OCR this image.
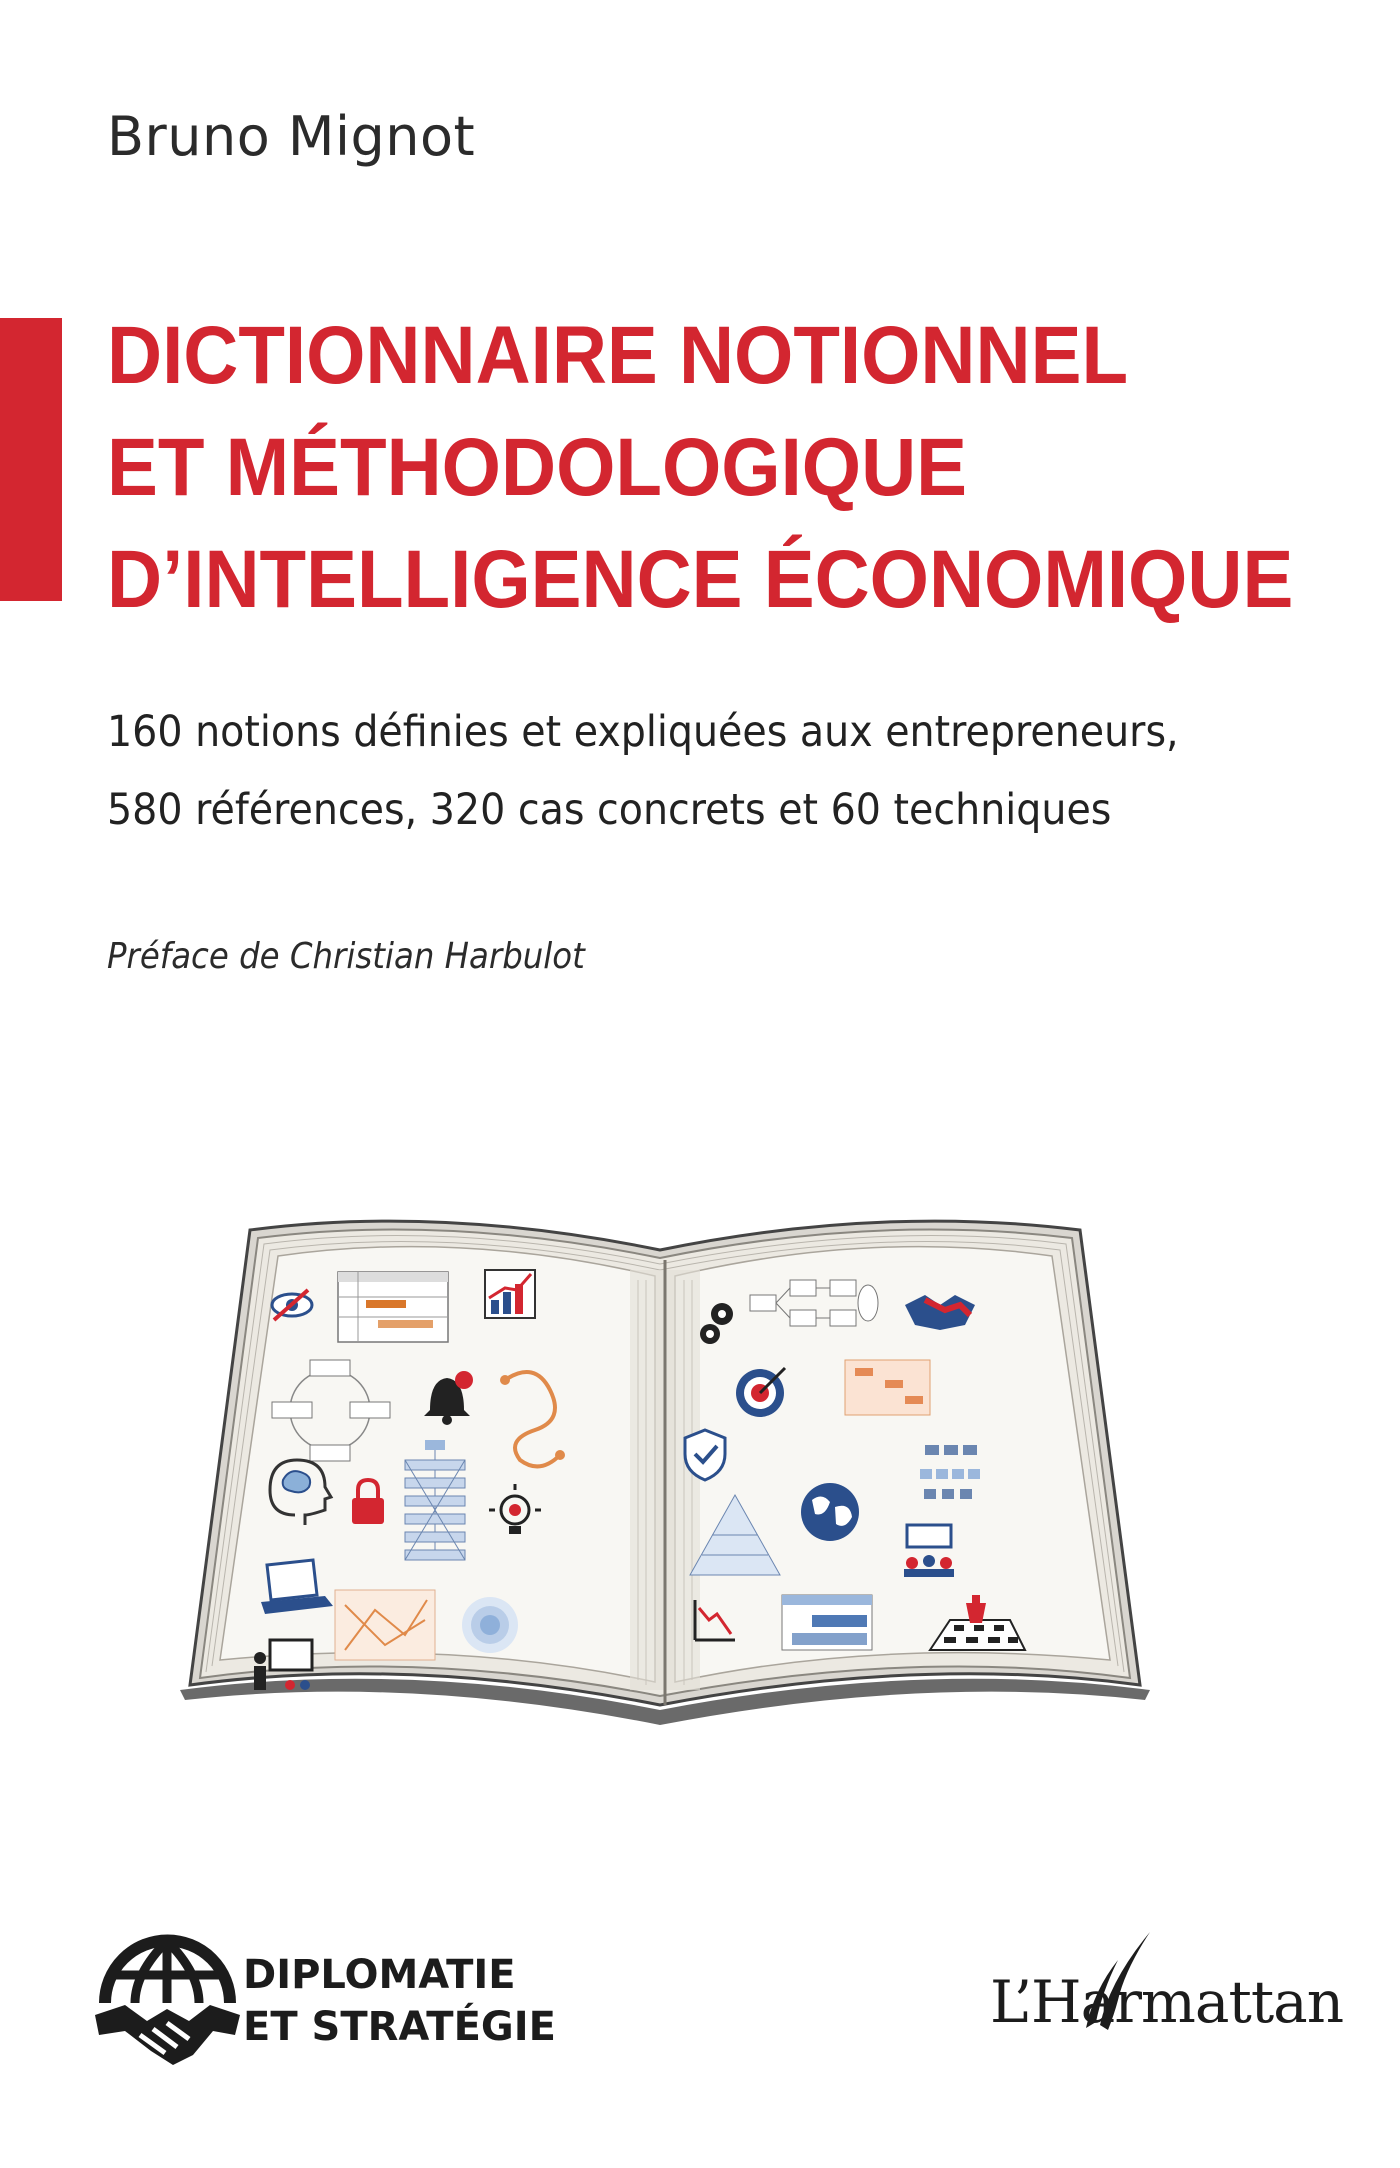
Bruno Mignot
DICTIONNAIRE NOTIONNEL
ET MÉTHODOLOGIQUE
D’INTELLIGENCE ÉCONOMIQUE
160 notions définies et expliquées aux entrepreneurs,
580 références, 320 cas concrets et 60 techniques
Préface de Christian Harbulot
DIPLOMATIE
ET STRATÉGIE	L’Harmattan
